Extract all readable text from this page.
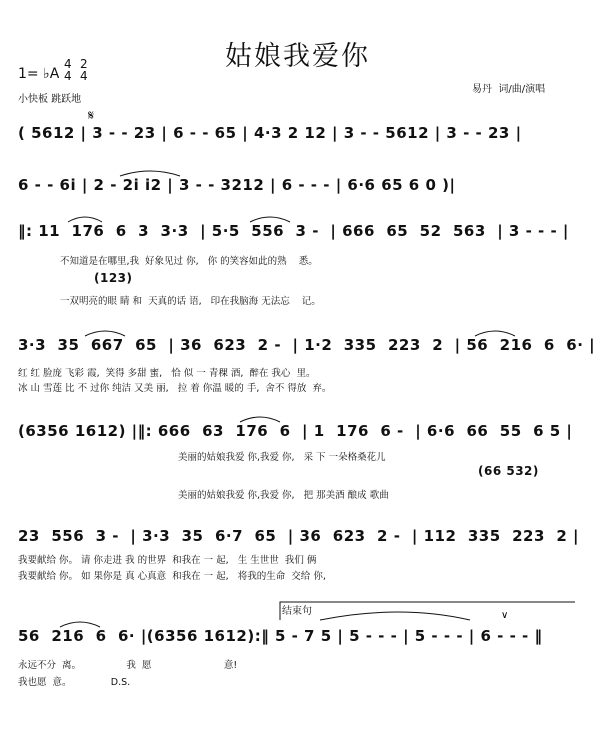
姑娘我爱你
1= ♭A
4
4
2
4
小快板 跳跃地
易丹  词/曲/演唱
𝄋
( 5612 | 3 - - 23 | 6 - - 65 | 4·3 2 12 | 3 - - 5612 | 3 - - 23 |
6 - - 6i | 2 - 2i i2 | 3 - - 3212 | 6 - - - | 6·6 65 6 0 )|
‖: 11  176  6  3  3·3  | 5·5  556  3 -  | 666  65  52  563  | 3 - - - |
不知道是在哪里,我  好象见过 你,   你 的笑容如此的熟    悉。
(123)
一双明亮的眼 睛 和  天真的话 语,   印在我脑海 无法忘    记。
3·3  35  667  65  | 36  623  2 -  | 1·2  335  223  2  | 56  216  6  6· |
红 红 脸庞 飞彩 霞,  笑得 多甜 蜜,   恰 似 一 青稞 酒,  醉在 我心  里。
冰 山 雪莲 比 不 过你 纯洁 又美 丽,   拉 着 你温 暖的 手,  舍不 得放  弃。
(6356 1612) |‖: 666  63  176  6  | 1  176  6 -  | 6·6  66  55  6 5 |
美丽的姑娘我爱 你,我爱 你,   采 下 一朵格桑花儿
(66 532)
美丽的姑娘我爱 你,我爱 你,   把 那美酒 酿成 歌曲
23  556  3 -  | 3·3  35  6·7  65  | 36  623  2 -  | 112  335  223  2 |
我要献给 你。 请 你走进 我 的世界  和我在 一 起,   生 生世世  我们 俩
我要献给 你。 如 果你是 真 心真意  和我在 一 起,   将我的生命  交给 你,
结束句
56  216  6  6· |(6356 1612):‖ 5 - 7 5 | 5 - - - | 5 - - - | 6 - - - ‖
永远不分  离。               我  愿                        意!
我也愿  意。             D.S.
∨
